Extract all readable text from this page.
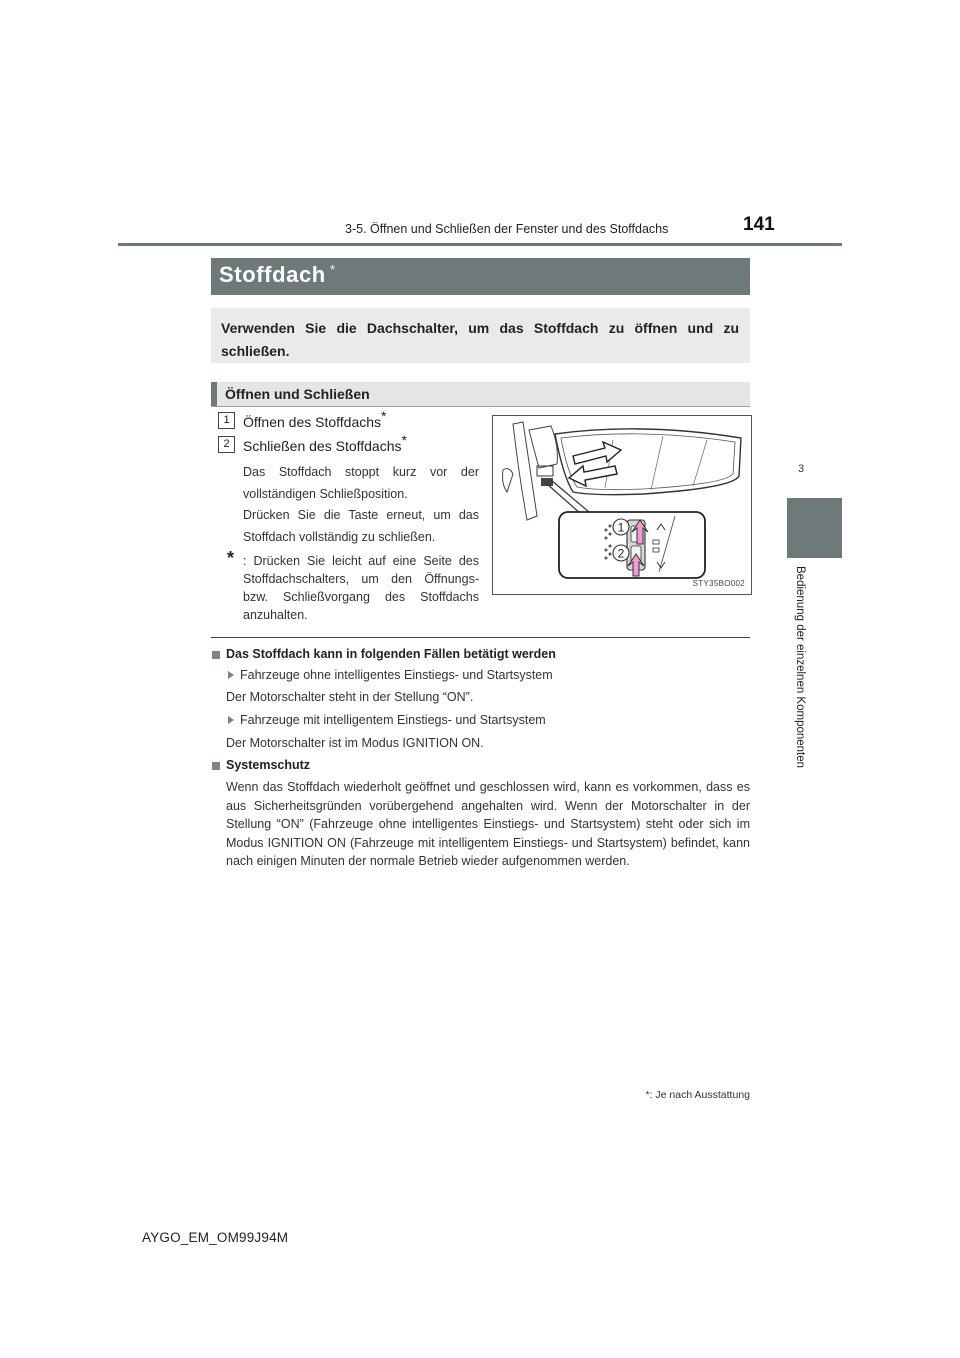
3-5. Öffnen und Schließen der Fenster und des Stoffdachs	141
3
Bedienung der einzelnen Komponenten
Stoffdach *
Verwenden Sie die Dachschalter, um das Stoffdach zu öffnen und zu schließen.
Öffnen und Schließen
1 Öffnen des Stoffdachs*
2 Schließen des Stoffdachs*
Das Stoffdach stoppt kurz vor der vollständigen Schließposition.
Drücken Sie die Taste erneut, um das Stoffdach vollständig zu schließen.
* : Drücken Sie leicht auf eine Seite des Stoffdachschalters, um den Öffnungs- bzw. Schließvorgang des Stoffdachs anzuhalten.
1
2
STY35BO002
Das Stoffdach kann in folgenden Fällen betätigt werden
Fahrzeuge ohne intelligentes Einstiegs- und Startsystem
Der Motorschalter steht in der Stellung “ON”.
Fahrzeuge mit intelligentem Einstiegs- und Startsystem
Der Motorschalter ist im Modus IGNITION ON.
Systemschutz
Wenn das Stoffdach wiederholt geöffnet und geschlossen wird, kann es vorkommen, dass es aus Sicherheitsgründen vorübergehend angehalten wird. Wenn der Motorschalter in der Stellung “ON” (Fahrzeuge ohne intelligentes Einstiegs- und Startsystem) steht oder sich im Modus IGNITION ON (Fahrzeuge mit intelligentem Einstiegs- und Startsystem) befindet, kann nach einigen Minuten der normale Betrieb wieder aufgenommen werden.
*: Je nach Ausstattung
AYGO_EM_OM99J94M
